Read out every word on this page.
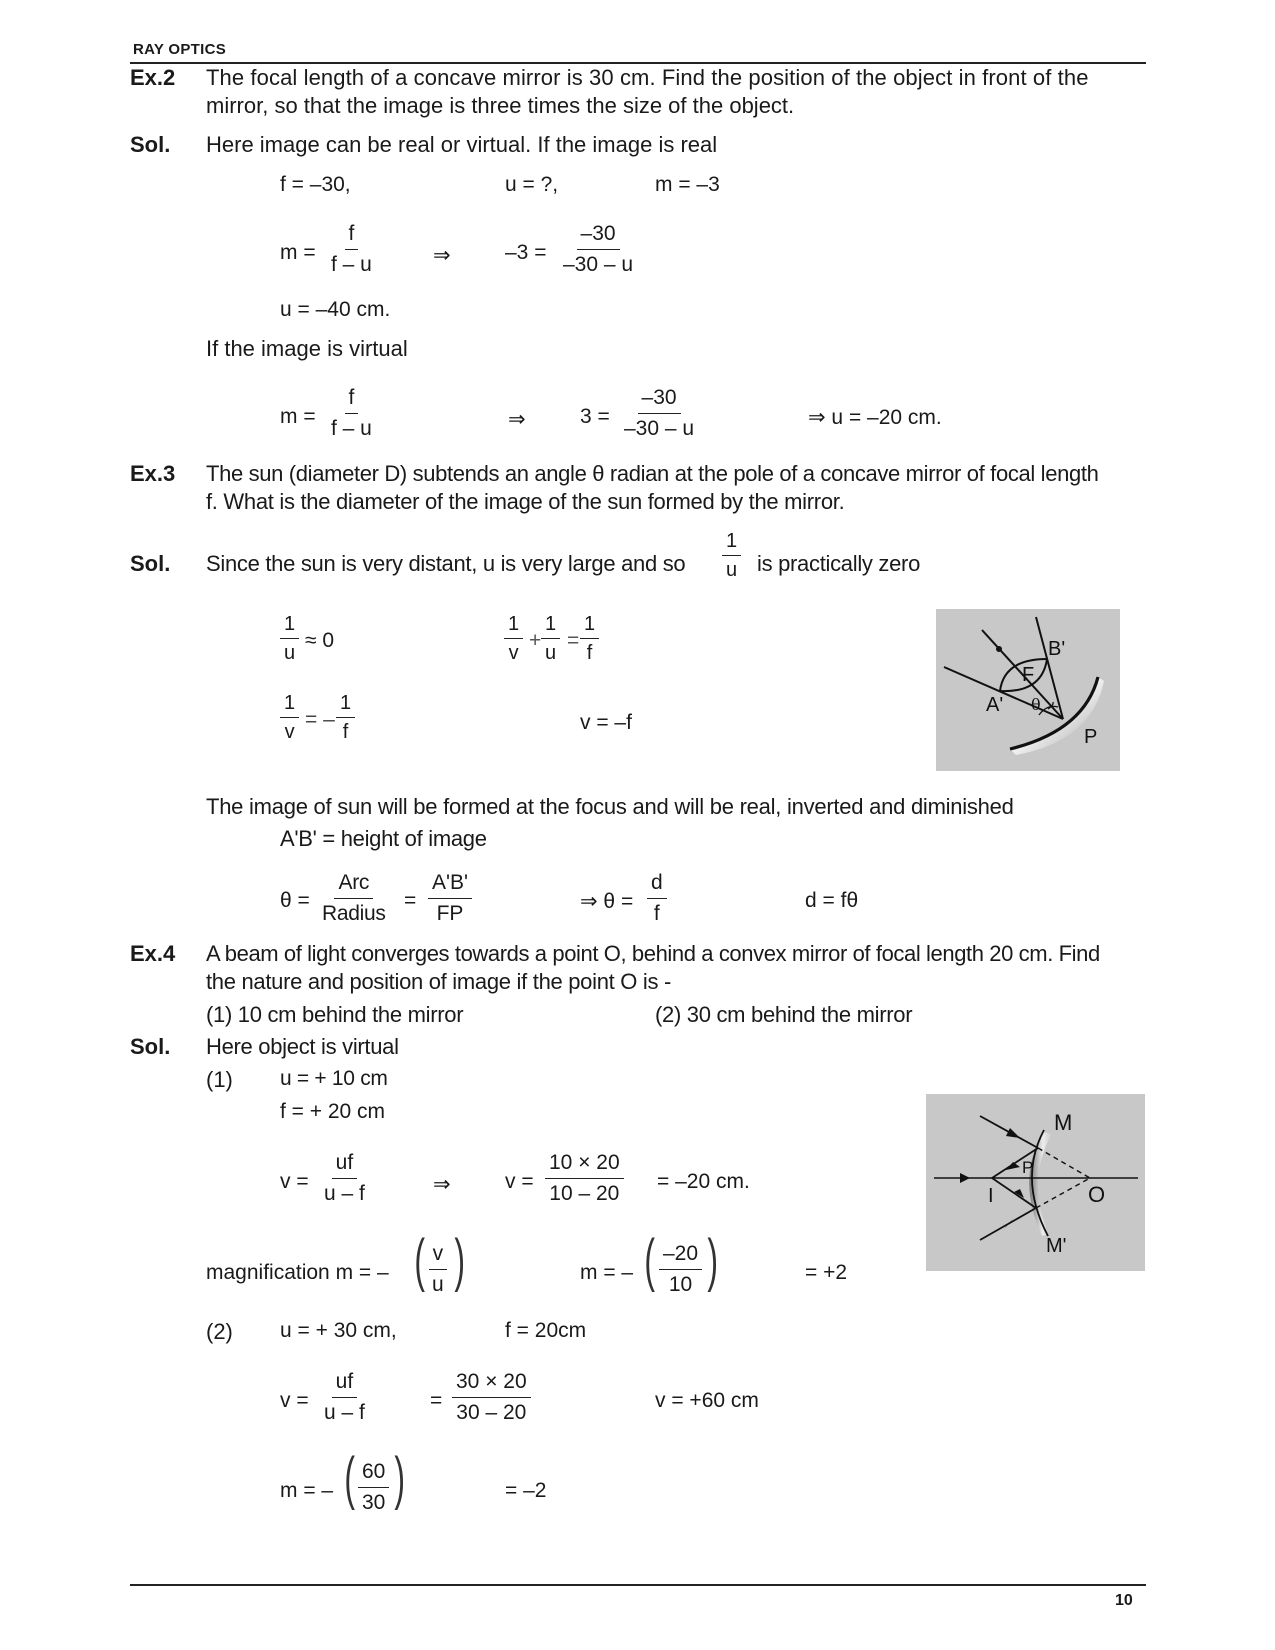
RAY OPTICS
Ex.2 The focal length of a concave mirror is 30 cm. Find the position of the object in front of the
mirror, so that the image is three times the size of the object.
Sol. Here image can be real or virtual. If the image is real
f = –30,	u = ?,	m = –3
$m = \frac{f}{f - u}$	⇒	$-3 = \frac{-30}{-30 - u}$
u = –40 cm.
If the image is virtual
$m = \frac{f}{f - u}$	⇒	$3 = \frac{-30}{-30 - u}$	⇒ u = –20 cm.
Ex.3 The sun (diameter D) subtends an angle θ radian at the pole of a concave mirror of focal length
f. What is the diameter of the image of the sun formed by the mirror.
Sol. Since the sun is very distant, u is very large and so $\frac{1}{u}$ is practically zero
$\frac{1}{u} \approx 0$	$\frac{1}{v} + \frac{1}{u} = \frac{1}{f}$
$\frac{1}{v}$ = – $\frac{1}{f}$	v = –f
B'
F
A' θ
P
The image of sun will be formed at the focus and will be real, inverted and diminished
A'B' = height of image
θ =
Arc
Radius
= $\frac{A'B'}{FP}$	⇒ $\theta = \frac{d}{f}$	d = fθ
Ex.4 A beam of light converges towards a point O, behind a convex mirror of focal length 20 cm. Find
the nature and position of image if the point O is -
(1) 10 cm behind the mirror	(2) 30 cm behind the mirror
Sol. Here object is virtual
(1) u = + 10 cm
f = + 20 cm
$v = \frac{uf}{u - f}$	⇒	$v = \frac{10 \times 20}{10 - 20} = -20$ cm.
magnification m = – ( $\frac{v}{u}$ )	m = – ( $\frac{-20}{10}$ )	= +2
M
P
I	O
M'
(2) u = + 30 cm,	f = 20cm
$v = \frac{uf}{u - f}$	= $\frac{30 \times 20}{30 - 20}$	v = +60 cm
m = – ( $\frac{60}{30}$ )	= –2
10
